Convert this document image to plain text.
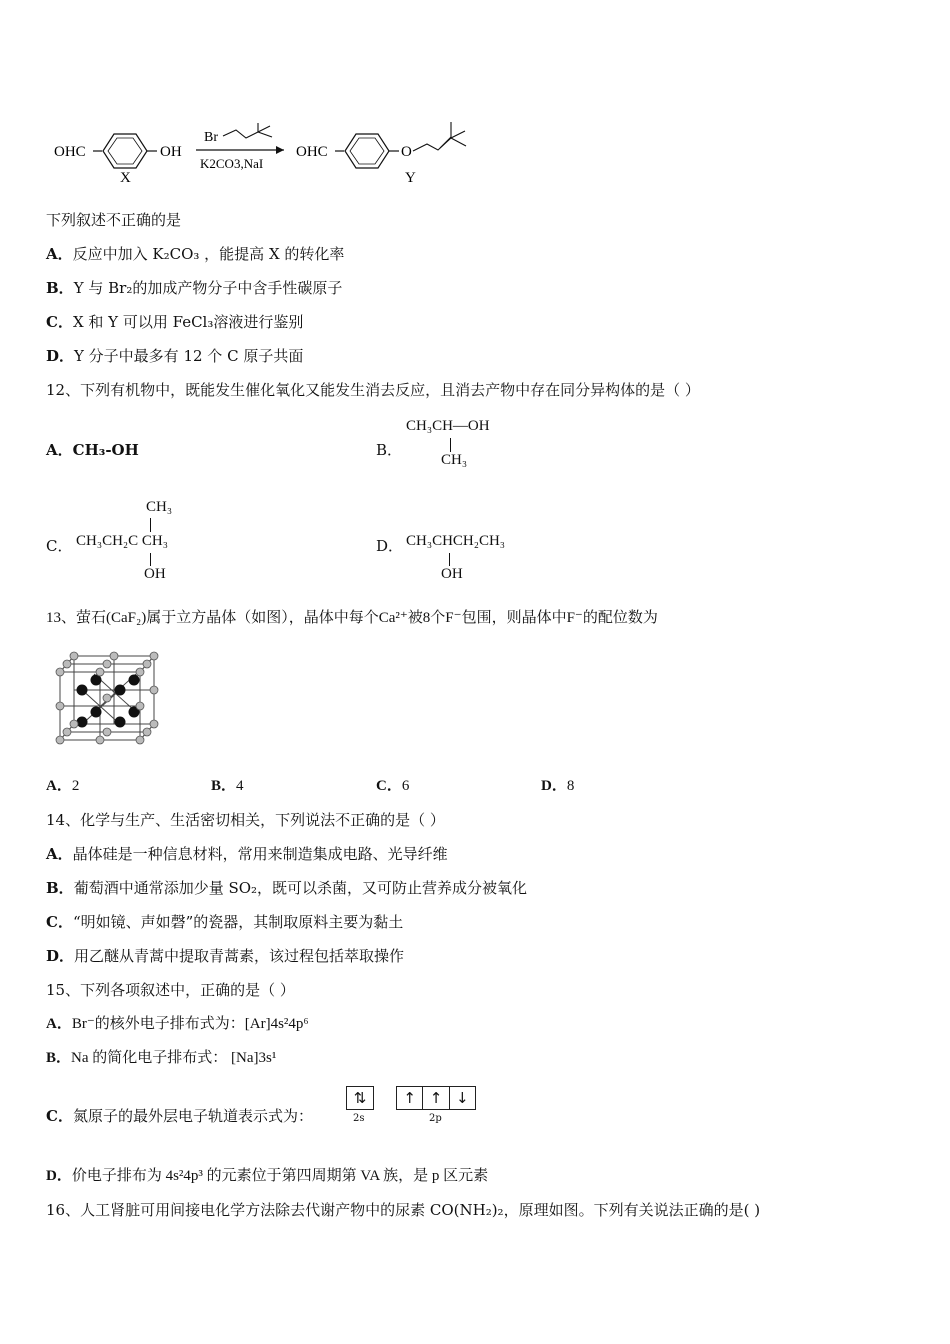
OHC	OH
X
Br
K2CO3,NaI
OHC	O
Y
下列叙述不正确的是
A．反应中加入 K₂CO₃ ，能提高 X 的转化率
B．Y 与 Br₂的加成产物分子中含手性碳原子
C．X 和 Y 可以用 FeCl₃溶液进行鉴别
D．Y 分子中最多有 12 个 C 原子共面
12、下列有机物中，既能发生催化氧化又能发生消去反应，且消去产物中存在同分异构体的是（ ）
A．CH₃-OH	B．
CH₃CH—OH
CH₃
C．
CH₃
CH₃CH₂C CH₃
OH
D． CH₃CHCH₂CH₃
OH
13、萤石(CaF₂)属于立方晶体（如图），晶体中每个Ca²⁺被8个F⁻包围，则晶体中F⁻的配位数为
A．2	B．4	C．6	D．8
14、化学与生产、生活密切相关，下列说法不正确的是（ ）
A．晶体硅是一种信息材料，常用来制造集成电路、光导纤维
B．葡萄酒中通常添加少量 SO₂，既可以杀菌，又可防止营养成分被氧化
C．“明如镜、声如磬”的瓷器，其制取原料主要为黏土
D．用乙醚从青蒿中提取青蒿素，该过程包括萃取操作
15、下列各项叙述中，正确的是（ ）
A．Br⁻的核外电子排布式为：[Ar]4s²4p⁶
B．Na 的简化电子排布式： [Na]3s¹
C．氮原子的最外层电子轨道表示式为：
⇅	↑ ↑ ↓
2s	2p
D．价电子排布为 4s²4p³ 的元素位于第四周期第 VA 族，是 p 区元素
16、人工肾脏可用间接电化学方法除去代谢产物中的尿素 CO(NH₂)₂，原理如图。下列有关说法正确的是( )
